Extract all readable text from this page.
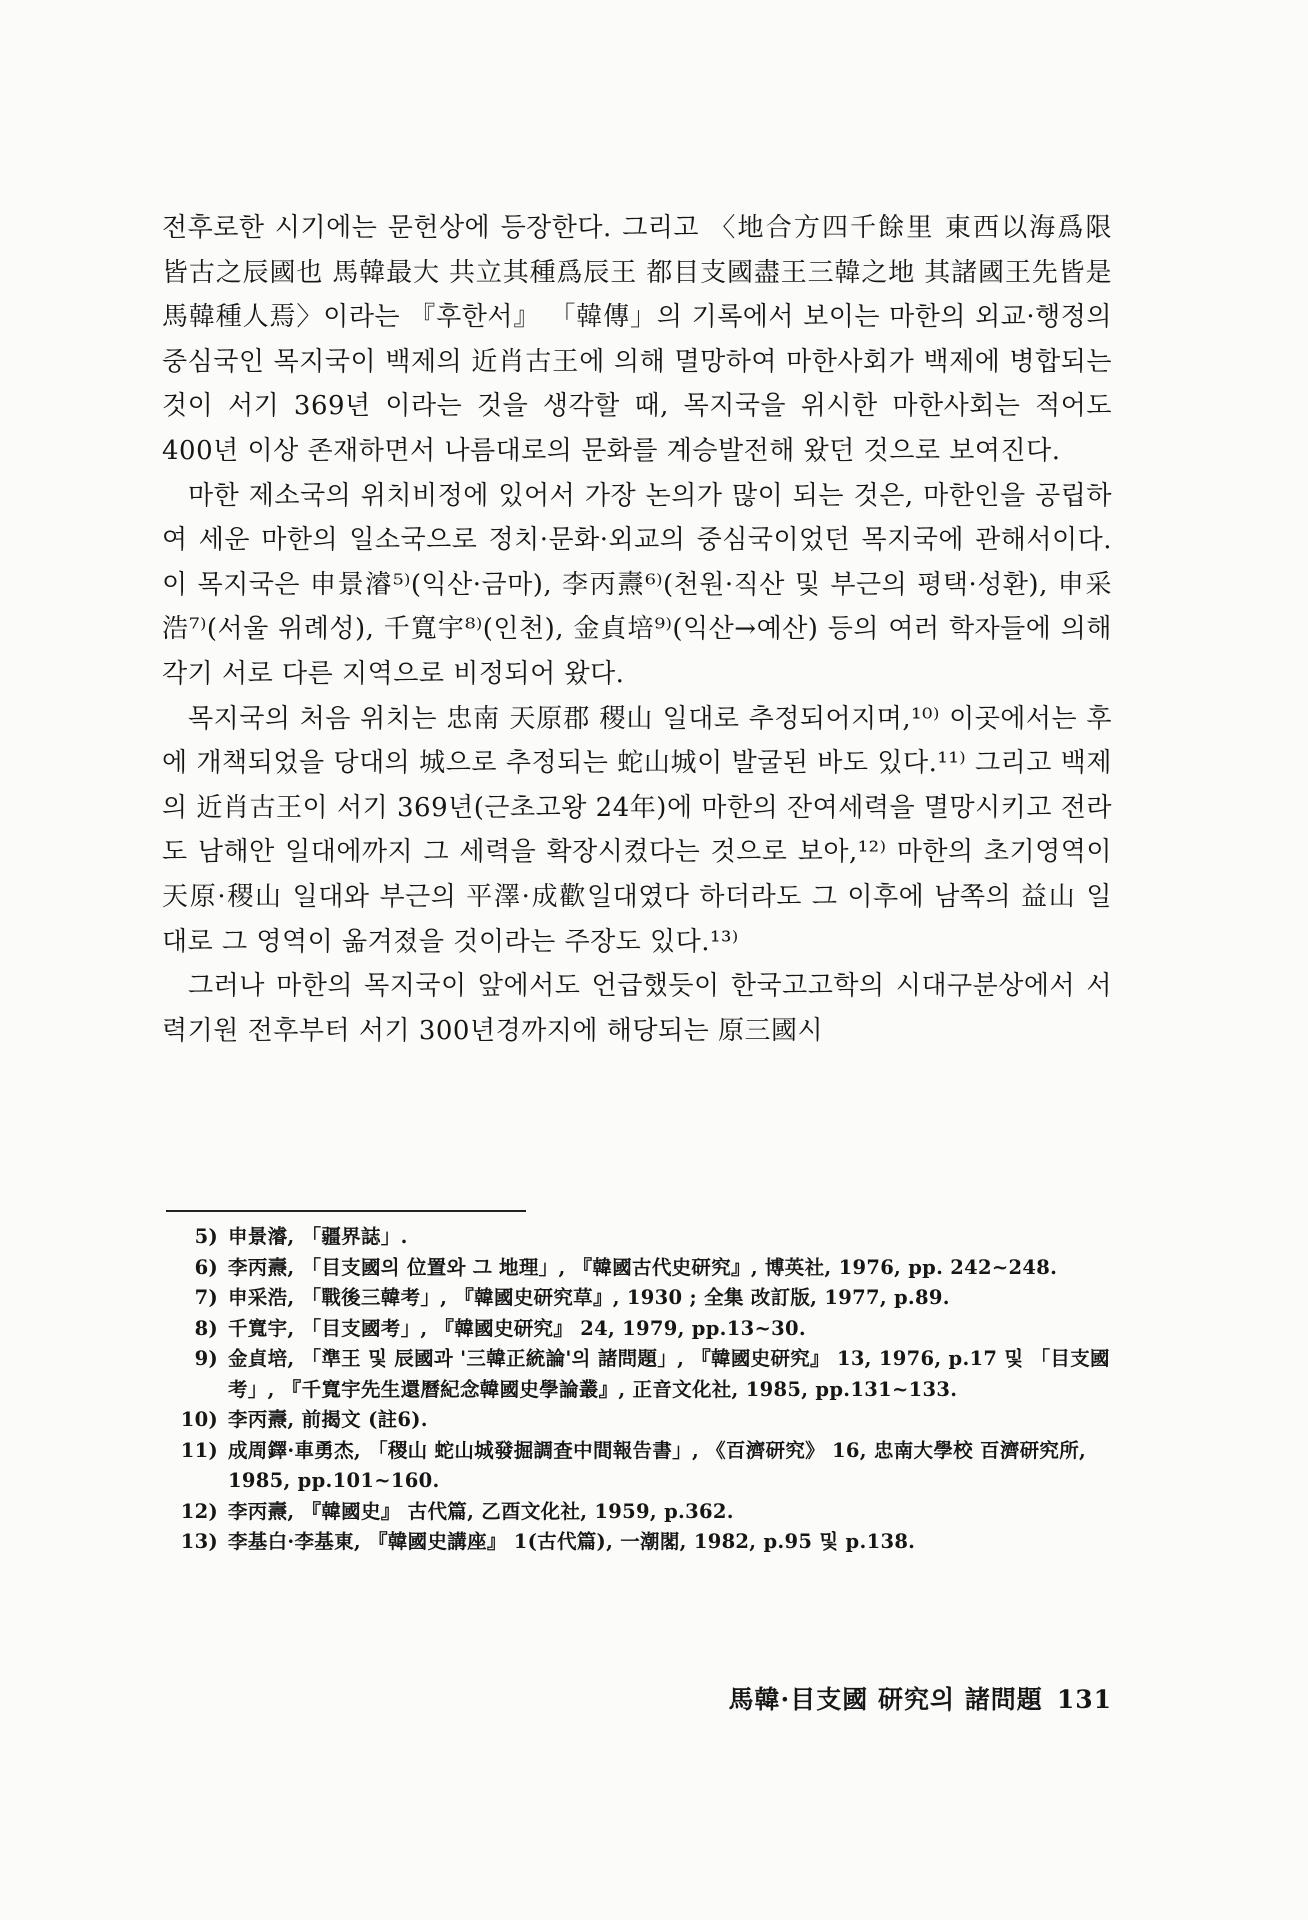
전후로한 시기에는 문헌상에 등장한다. 그리고 〈地合方四千餘里 東西以海爲限 皆古之辰國也 馬韓最大 共立其種爲辰王 都目支國盡王三韓之地 其諸國王先皆是馬韓種人焉〉이라는 『후한서』 「韓傳」의 기록에서 보이는 마한의 외교·행정의 중심국인 목지국이 백제의 近肖古王에 의해 멸망하여 마한사회가 백제에 병합되는 것이 서기 369년 이라는 것을 생각할 때, 목지국을 위시한 마한사회는 적어도 400년 이상 존재하면서 나름대로의 문화를 계승발전해 왔던 것으로 보여진다.

마한 제소국의 위치비정에 있어서 가장 논의가 많이 되는 것은, 마한인을 공립하여 세운 마한의 일소국으로 정치·문화·외교의 중심국이었던 목지국에 관해서이다. 이 목지국은 申景濬⁵⁾(익산·금마), 李丙燾⁶⁾(천원·직산 및 부근의 평택·성환), 申采浩⁷⁾(서울 위례성), 千寬宇⁸⁾(인천), 金貞培⁹⁾(익산→예산) 등의 여러 학자들에 의해 각기 서로 다른 지역으로 비정되어 왔다.

목지국의 처음 위치는 忠南 天原郡 稷山 일대로 추정되어지며,¹⁰⁾ 이곳에서는 후에 개책되었을 당대의 城으로 추정되는 蛇山城이 발굴된 바도 있다.¹¹⁾ 그리고 백제의 近肖古王이 서기 369년(근초고왕 24年)에 마한의 잔여세력을 멸망시키고 전라도 남해안 일대에까지 그 세력을 확장시켰다는 것으로 보아,¹²⁾ 마한의 초기영역이 天原·稷山 일대와 부근의 平澤·成歡일대였다 하더라도 그 이후에 남쪽의 益山 일대로 그 영역이 옮겨졌을 것이라는 주장도 있다.¹³⁾

그러나 마한의 목지국이 앞에서도 언급했듯이 한국고고학의 시대구분상에서 서력기원 전후부터 서기 300년경까지에 해당되는 原三國시

5) 申景濬, 「疆界誌」.
6) 李丙燾, 「目支國의 位置와 그 地理」, 『韓國古代史研究』, 博英社, 1976, pp. 242~248.
7) 申采浩, 「戰後三韓考」, 『韓國史研究草』, 1930 ; 全集 改訂版, 1977, p.89.
8) 千寬宇, 「目支國考」, 『韓國史研究』 24, 1979, pp.13~30.
9) 金貞培, 「準王 및 辰國과 '三韓正統論'의 諸問題」, 『韓國史研究』 13, 1976, p.17 및 「目支國考」, 『千寬宇先生還曆紀念韓國史學論叢』, 正音文化社, 1985, pp.131~133.
10) 李丙燾, 前揭文 (註6).
11) 成周鐸·車勇杰, 「稷山 蛇山城發掘調査中間報告書」, 《百濟研究》 16, 忠南大學校 百濟研究所, 1985, pp.101~160.
12) 李丙燾, 『韓國史』 古代篇, 乙酉文化社, 1959, p.362.
13) 李基白·李基東, 『韓國史講座』 1(古代篇), 一潮閣, 1982, p.95 및 p.138.
馬韓·目支國 研究의 諸問題 131
